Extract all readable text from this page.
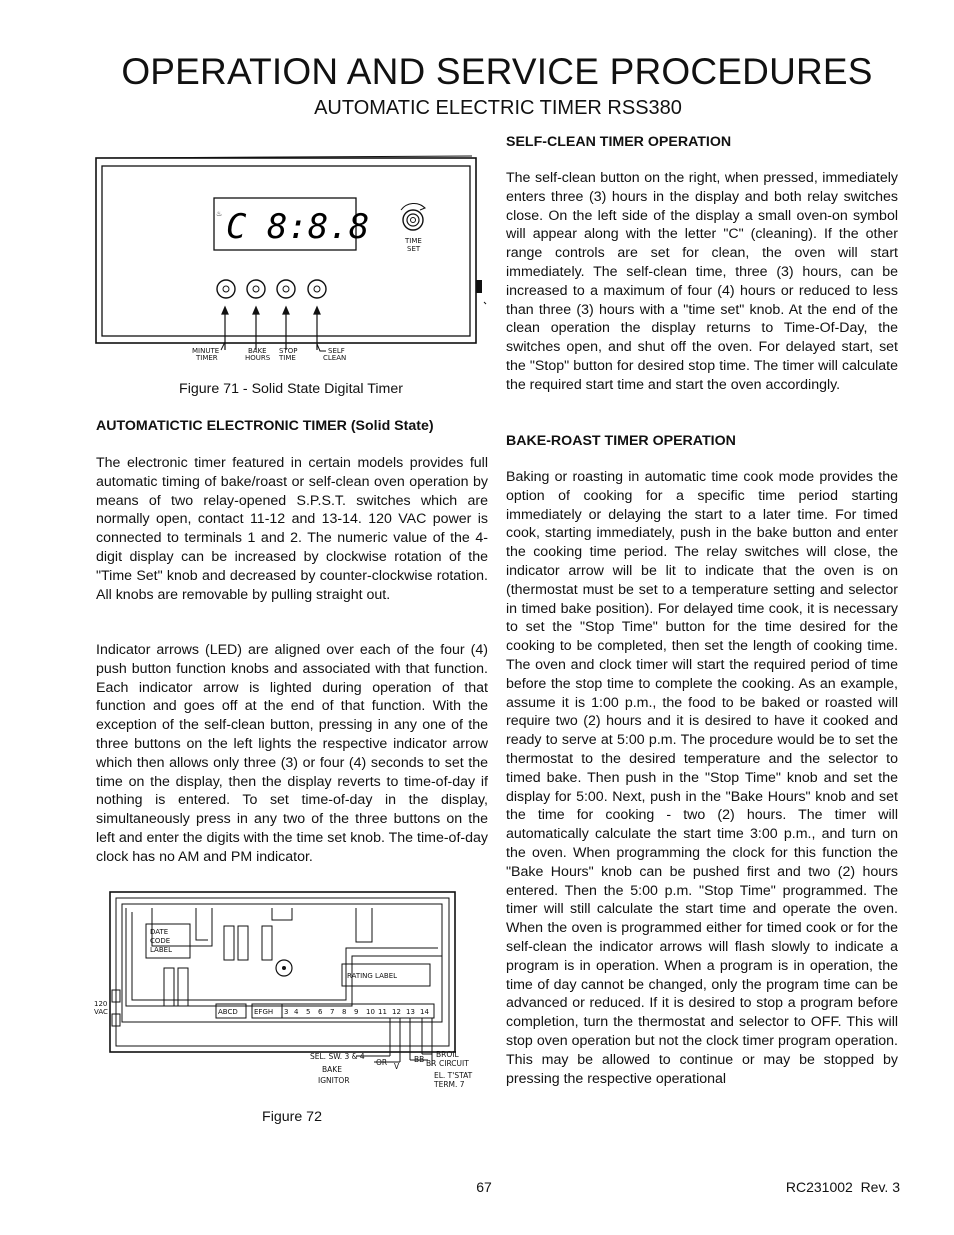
OPERATION AND SERVICE PROCEDURES
AUTOMATIC ELECTRIC TIMER RSS380
♨ C 8:8.8	TIME
SET
MINUTE
TIMER
BAKE
HOURS
STOP
TIME
SELF
CLEAN
Figure 71 - Solid State Digital Timer
AUTOMATICTIC ELECTRONIC TIMER (Solid State)
The electronic timer featured in certain models provides full automatic timing of bake/roast or self-clean oven operation by means of two relay-opened S.P.S.T. switches which are normally open, contact 11-12 and 13-14. 120 VAC power is connected to terminals 1 and 2. The numeric value of the 4-digit display can be increased by clockwise rotation of the "Time Set" knob and decreased by counter-clockwise rotation. All knobs are removable by pulling straight out.
Indicator arrows (LED) are aligned over each of the four (4) push button function knobs and associated with that function. Each indicator arrow is lighted during operation of that function and goes off at the end of that function. With the exception of the self-clean button, pressing in any one of the three buttons on the left lights the respective indicator arrow which then allows only three (3) or four (4) seconds to set the time on the display, then the display reverts to time-of-day if nothing is entered. To set time-of-day in the display, simultaneously press in any two of the three buttons on the left and enter the digits with the time set knob. The time-of-day clock has no AM and PM indicator.
DATE
CODE
LABEL
RATING LABEL
ABCD EFGH 3 4 5 6 7 8 9 10 11 12 13 14
120
VAC
SEL. SW. 3 & 4
BAKE
IGNITOR
OR V
BB BR
BROIL
CIRCUIT
EL. T'STAT
TERM. 7
Figure 72
SELF-CLEAN TIMER OPERATION
The self-clean button on the right, when pressed, immediately enters three (3) hours in the display and both relay switches close. On the left side of the display a small oven-on symbol will appear along with the letter "C" (cleaning). If the other range controls are set for clean, the oven will start immediately. The self-clean time, three (3) hours, can be increased to a maximum of four (4) hours or reduced to less than three (3) hours with a "time set" knob. At the end of the clean operation the display returns to Time-Of-Day, the switches open, and shut off the oven. For delayed start, set the "Stop" button for desired stop time. The timer will calculate the required start time and start the oven accordingly.
BAKE-ROAST TIMER OPERATION
Baking or roasting in automatic time cook mode provides the option of cooking for a specific time period starting immediately or delaying the start to a later time. For timed cook, starting immediately, push in the bake button and enter the cooking time period. The relay switches will close, the indicator arrow will be lit to indicate that the oven is on (thermostat must be set to a temperature setting and selector in timed bake position). For delayed time cook, it is necessary to set the "Stop Time" button for the time desired for the cooking to be completed, then set the length of cooking time. The oven and clock timer will start the required period of time before the stop time to complete the cooking. As an example, assume it is 1:00 p.m., the food to be baked or roasted will require two (2) hours and it is desired to have it cooked and ready to serve at 5:00 p.m. The procedure would be to set the thermostat to the desired temperature and the selector to timed bake. Then push in the "Stop Time" knob and set the display for 5:00. Next, push in the "Bake Hours" knob and set the time for cooking - two (2) hours. The timer will automatically calculate the start time 3:00 p.m., and turn on the oven. When programming the clock for this function the "Bake Hours" knob can be pushed first and two (2) hours entered. Then the 5:00 p.m. "Stop Time" programmed. The timer will still calculate the start time and operate the oven. When the oven is programmed either for timed cook or for the self-clean the indicator arrows will flash slowly to indicate a program is in operation. When a program is in operation, the time of day cannot be changed, only the program time can be advanced or reduced. If it is desired to stop a program before completion, turn the thermostat and selector to OFF. This will stop oven operation but not the clock timer program operation. This may be allowed to continue or may be stopped by pressing the respective operational
67	RC231002  Rev. 3
